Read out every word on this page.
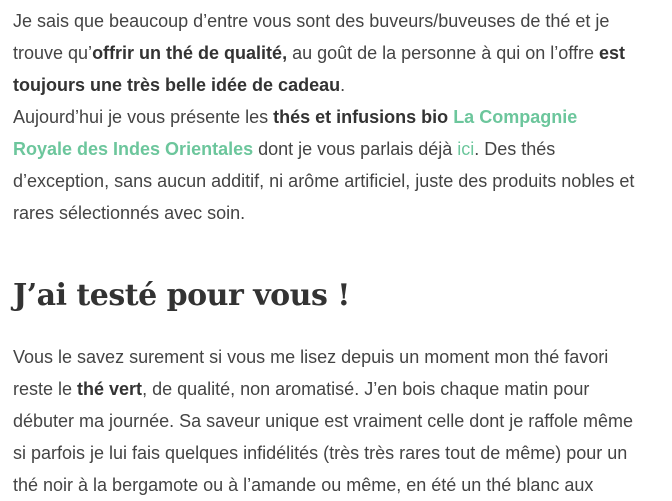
Je sais que beaucoup d’entre vous sont des buveurs/buveuses de thé et je
trouve qu’offrir un thé de qualité, au goût de la personne à qui on l’offre est
toujours une très belle idée de cadeau.

Aujourd’hui je vous présente les thés et infusions bio La Compagnie
Royale des Indes Orientales dont je vous parlais déjà ici. Des thés
d’exception, sans aucun additif, ni arôme artificiel, juste des produits nobles et
rares sélectionnés avec soin.

J’ai testé pour vous !

Vous le savez surement si vous me lisez depuis un moment mon thé favori
reste le thé vert, de qualité, non aromatisé. J’en bois chaque matin pour
débuter ma journée. Sa saveur unique est vraiment celle dont je raffole même
si parfois je lui fais quelques infidélités (très très rares tout de même) pour un
thé noir à la bergamote ou à l’amande ou même, en été un thé blanc aux
